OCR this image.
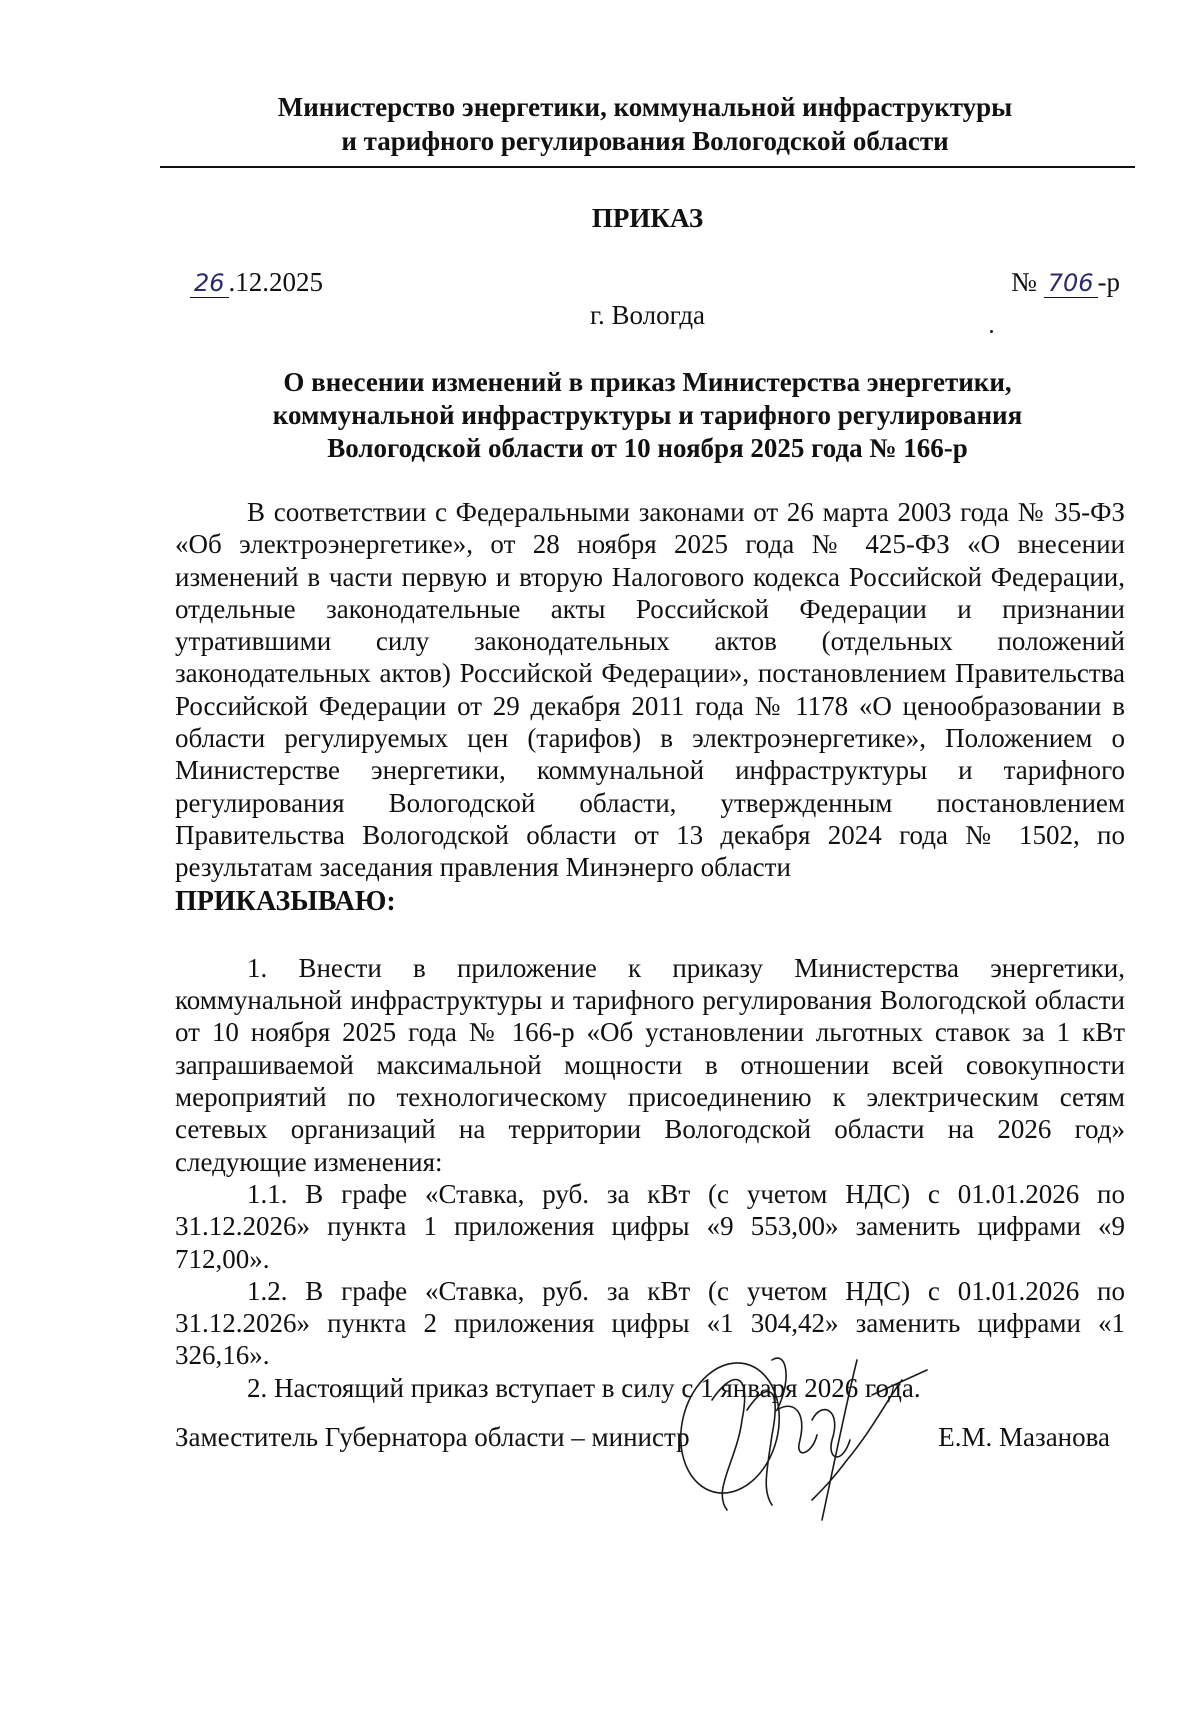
Министерство энергетики, коммунальной инфраструктуры
и тарифного регулирования Вологодской области
ПРИКАЗ
26 .12.2025	№ 706 -р
г. Вологда
О внесении изменений в приказ Министерства энергетики,
коммунальной инфраструктуры и тарифного регулирования
Вологодской области от 10 ноября 2025 года № 166-р

В соответствии с Федеральными законами от 26 марта 2003 года № 35-ФЗ «Об электроэнергетике», от 28 ноября 2025 года № 425-ФЗ «О внесении изменений в части первую и вторую Налогового кодекса Российской Федерации, отдельные законодательные акты Российской Федерации и признании утратившими силу законодательных актов (отдельных положений законодательных актов) Российской Федерации», постановлением Правительства Российской Федерации от 29 декабря 2011 года № 1178 «О ценообразовании в области регулируемых цен (тарифов) в электроэнергетике», Положением о Министерстве энергетики, коммунальной инфраструктуры и тарифного регулирования Вологодской области, утвержденным постановлением Правительства Вологодской области от 13 декабря 2024 года № 1502, по результатам заседания правления Минэнерго области

ПРИКАЗЫВАЮ:

1. Внести в приложение к приказу Министерства энергетики, коммунальной инфраструктуры и тарифного регулирования Вологодской области от 10 ноября 2025 года № 166-р «Об установлении льготных ставок за 1 кВт запрашиваемой максимальной мощности в отношении всей совокупности мероприятий по технологическому присоединению к электрическим сетям сетевых организаций на территории Вологодской области на 2026 год» следующие изменения:

1.1. В графе «Ставка, руб. за кВт (с учетом НДС) с 01.01.2026 по 31.12.2026» пункта 1 приложения цифры «9 553,00» заменить цифрами «9 712,00».

1.2. В графе «Ставка, руб. за кВт (с учетом НДС) с 01.01.2026 по 31.12.2026» пункта 2 приложения цифры «1 304,42» заменить цифрами «1 326,16».

2. Настоящий приказ вступает в силу с 1 января 2026 года.

Заместитель Губернатора области – министр	Е.М. Мазанова
